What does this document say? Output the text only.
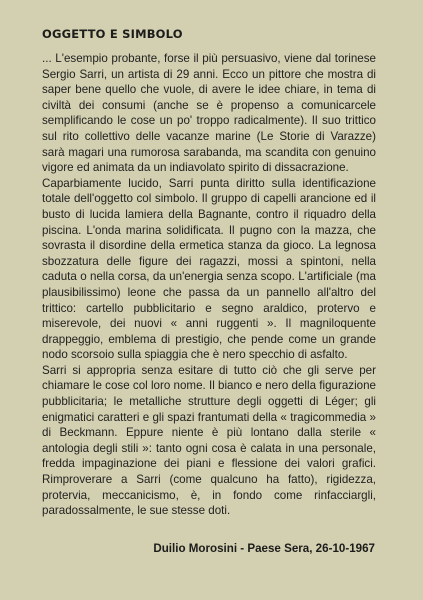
OGGETTO E SIMBOLO

... L'esempio probante, forse il più persuasivo, viene dal torinese Sergio Sarri, un artista di 29 anni. Ecco un pittore che mostra di saper bene quello che vuole, di avere le idee chiare, in tema di civiltà dei consumi (anche se è propenso a comunicarcele semplificando le cose un po' troppo radicalmente). Il suo trittico sul rito collettivo delle vacanze marine (Le Storie di Varazze) sarà magari una rumorosa sarabanda, ma scandita con genuino vigore ed animata da un indiavolato spirito di dissacrazione.

Caparbiamente lucido, Sarri punta diritto sulla identificazione totale dell'oggetto col simbolo. Il gruppo di capelli arancione ed il busto di lucida lamiera della Bagnante, contro il riquadro della piscina. L'onda marina solidificata. Il pugno con la mazza, che sovrasta il disordine della ermetica stanza da gioco. La legnosa sbozzatura delle figure dei ragazzi, mossi a spintoni, nella caduta o nella corsa, da un'energia senza scopo. L'artificiale (ma plausibilissimo) leone che passa da un pannello all'altro del trittico: cartello pubblicitario e segno araldico, protervo e miserevole, dei nuovi « anni ruggenti ». Il magniloquente drappeggio, emblema di prestigio, che pende come un grande nodo scorsoio sulla spiaggia che è nero specchio di asfalto.

Sarri si appropria senza esitare di tutto ciò che gli serve per chiamare le cose col loro nome. Il bianco e nero della figurazione pubblicitaria; le metalliche strutture degli oggetti di Léger; gli enigmatici caratteri e gli spazi frantumati della « tragicommedia » di Beckmann. Eppure niente è più lontano dalla sterile « antologia degli stili »: tanto ogni cosa è calata in una personale, fredda impaginazione dei piani e flessione dei valori grafici. Rimproverare a Sarri (come qualcuno ha fatto), rigidezza, protervia, meccanicismo, è, in fondo come rinfacciargli, paradossalmente, le sue stesse doti.

Duilio Morosini - Paese Sera, 26-10-1967
